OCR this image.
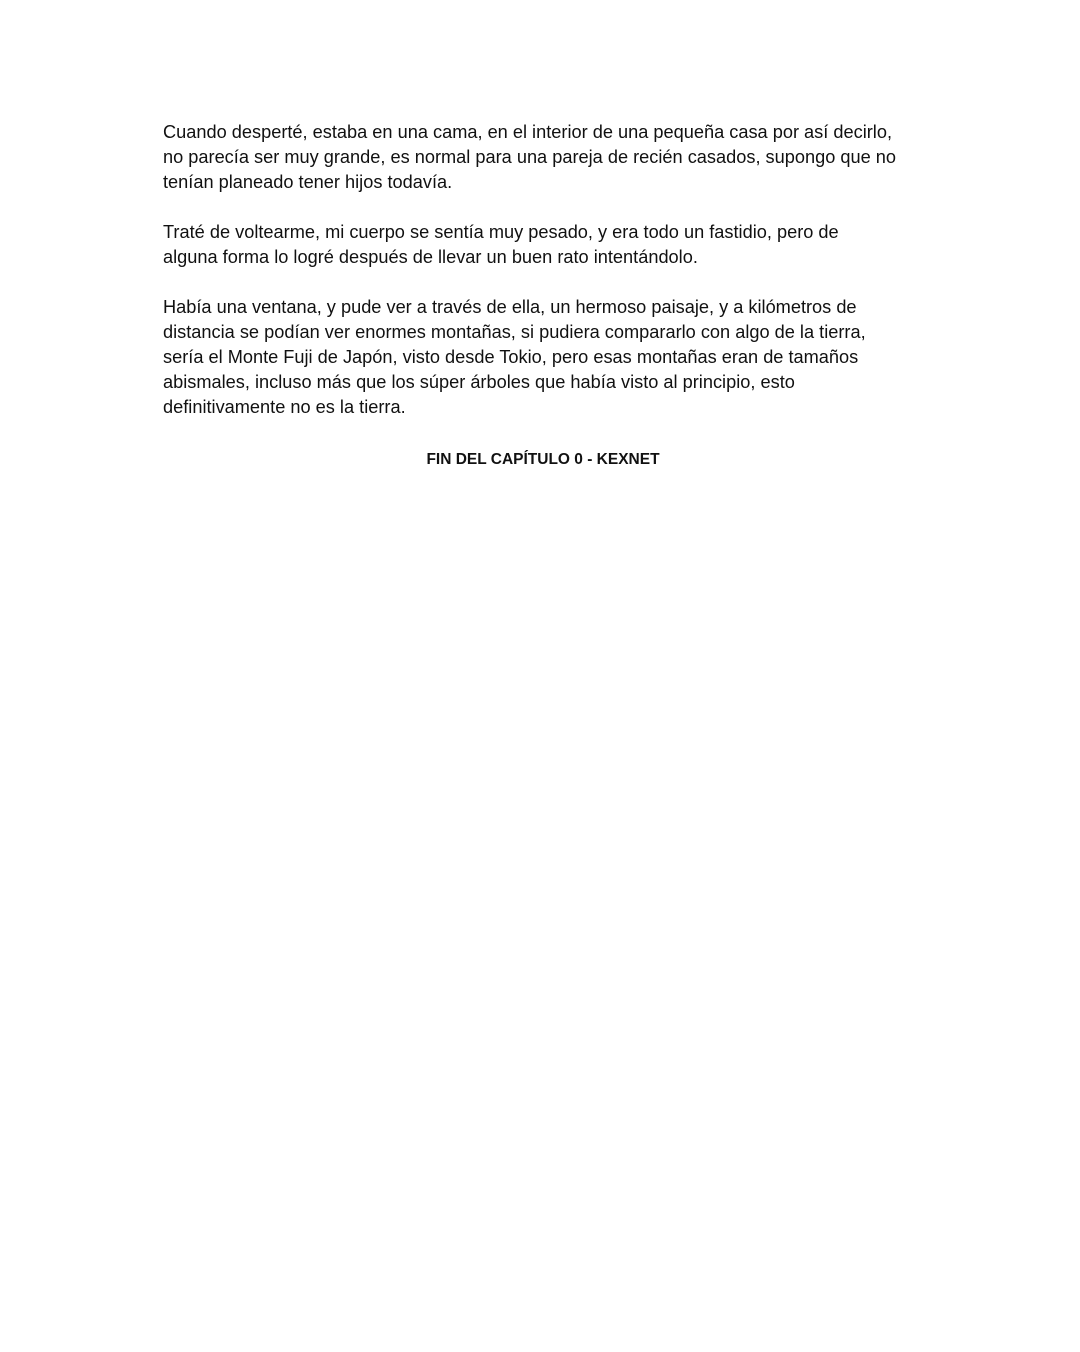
Cuando desperté, estaba en una cama, en el interior de una pequeña casa por así decirlo,
no parecía ser muy grande, es normal para una pareja de recién casados, supongo que no
tenían planeado tener hijos todavía.

Traté de voltearme, mi cuerpo se sentía muy pesado, y era todo un fastidio, pero de
alguna forma lo logré después de llevar un buen rato intentándolo.

Había una ventana, y pude ver a través de ella, un hermoso paisaje, y a kilómetros de
distancia se podían ver enormes montañas, si pudiera compararlo con algo de la tierra,
sería el Monte Fuji de Japón, visto desde Tokio, pero esas montañas eran de tamaños
abismales, incluso más que los súper árboles que había visto al principio, esto
definitivamente no es la tierra.

FIN DEL CAPÍTULO 0 - KEXNET
